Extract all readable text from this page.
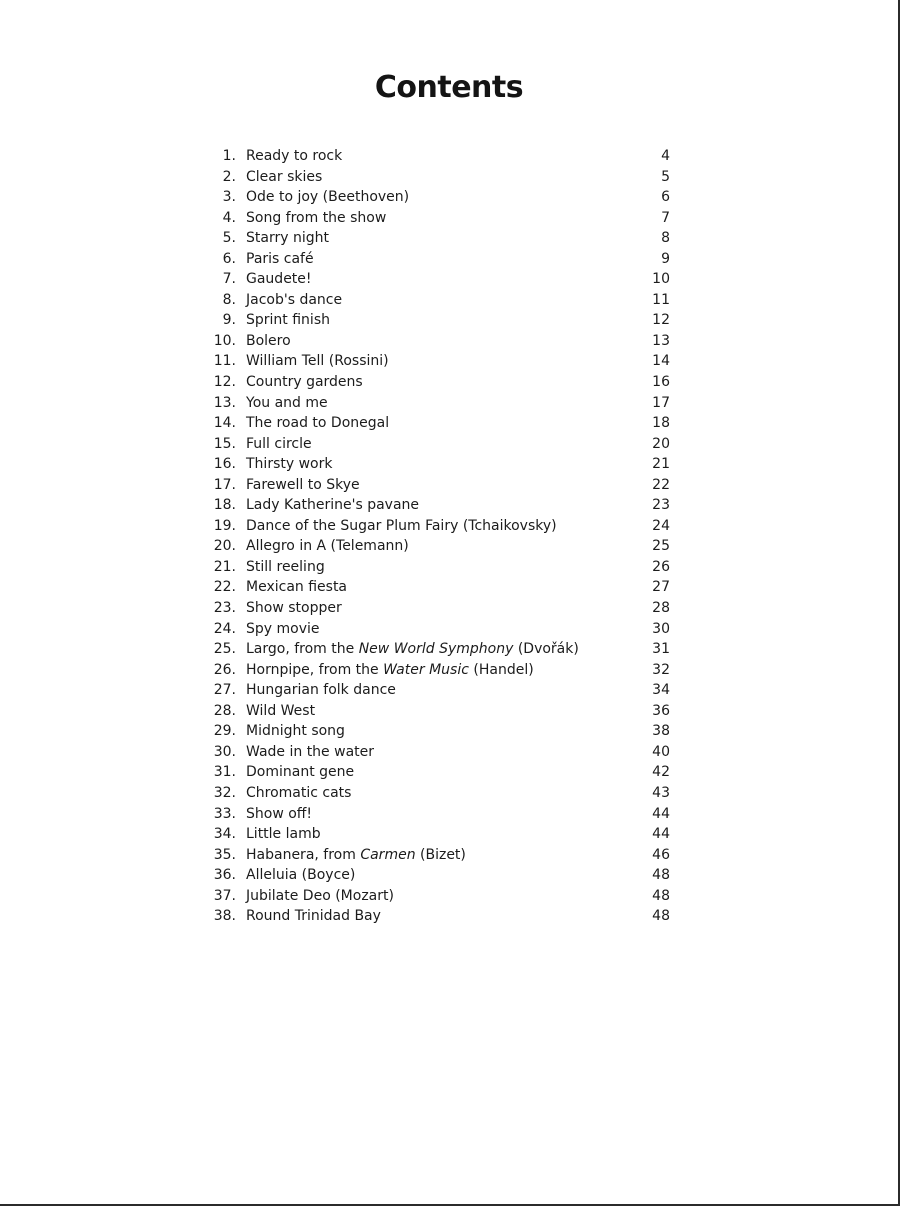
Contents
1. Ready to rock	4
2. Clear skies	5
3. Ode to joy (Beethoven)	6
4. Song from the show	7
5. Starry night	8
6. Paris café	9
7. Gaudete!	10
8. Jacob's dance	11
9. Sprint finish	12
10. Bolero	13
11. William Tell (Rossini)	14
12. Country gardens	16
13. You and me	17
14. The road to Donegal	18
15. Full circle	20
16. Thirsty work	21
17. Farewell to Skye	22
18. Lady Katherine's pavane	23
19. Dance of the Sugar Plum Fairy (Tchaikovsky)	24
20. Allegro in A (Telemann)	25
21. Still reeling	26
22. Mexican fiesta	27
23. Show stopper	28
24. Spy movie	30
25. Largo, from the New World Symphony (Dvořák)	31
26. Hornpipe, from the Water Music (Handel)	32
27. Hungarian folk dance	34
28. Wild West	36
29. Midnight song	38
30. Wade in the water	40
31. Dominant gene	42
32. Chromatic cats	43
33. Show off!	44
34. Little lamb	44
35. Habanera, from Carmen (Bizet)	46
36. Alleluia (Boyce)	48
37. Jubilate Deo (Mozart)	48
38. Round Trinidad Bay	48
